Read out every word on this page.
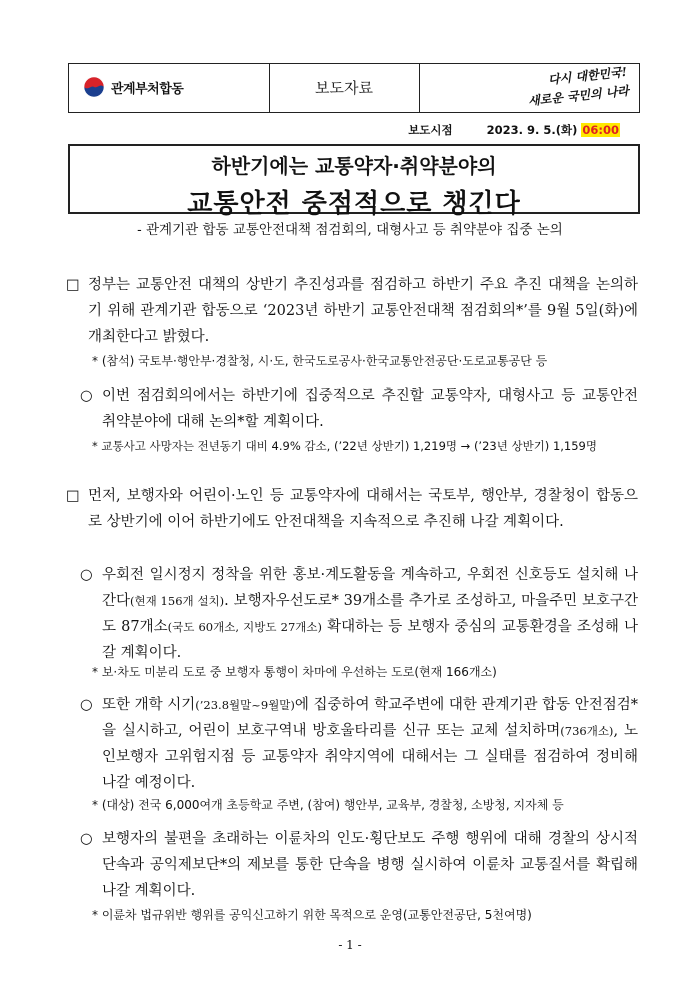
관계부처합동	보도자료
다시 대한민국!
새로운 국민의 나라
보도시점	2023. 9. 5.(화) 06:00
하반기에는 교통약자·취약분야의
교통안전 중점적으로 챙긴다
- 관계기관 합동 교통안전대책 점검회의, 대형사고 등 취약분야 집중 논의
□ 정부는 교통안전 대책의 상반기 추진성과를 점검하고 하반기 주요 추진 대책을 논의하기 위해 관계기관 합동으로 ‘2023년 하반기 교통안전대책 점검회의*’를 9월 5일(화)에 개최한다고 밝혔다.
* (참석) 국토부·행안부·경찰청, 시·도, 한국도로공사·한국교통안전공단·도로교통공단 등
○ 이번 점검회의에서는 하반기에 집중적으로 추진할 교통약자, 대형사고 등 교통안전 취약분야에 대해 논의*할 계획이다.
* 교통사고 사망자는 전년동기 대비 4.9% 감소, (’22년 상반기) 1,219명 → (’23년 상반기) 1,159명
□ 먼저, 보행자와 어린이·노인 등 교통약자에 대해서는 국토부, 행안부, 경찰청이 합동으로 상반기에 이어 하반기에도 안전대책을 지속적으로 추진해 나갈 계획이다.
○ 우회전 일시정지 정착을 위한 홍보·계도활동을 계속하고, 우회전 신호등도 설치해 나간다(현재 156개 설치). 보행자우선도로* 39개소를 추가로 조성하고, 마을주민 보호구간도 87개소(국도 60개소, 지방도 27개소) 확대하는 등 보행자 중심의 교통환경을 조성해 나갈 계획이다.
* 보·차도 미분리 도로 중 보행자 통행이 차마에 우선하는 도로(현재 166개소)
○ 또한 개학 시기(’23.8월말~9월말)에 집중하여 학교주변에 대한 관계기관 합동 안전점검*을 실시하고, 어린이 보호구역내 방호울타리를 신규 또는 교체 설치하며(736개소), 노인보행자 고위험지점 등 교통약자 취약지역에 대해서는 그 실태를 점검하여 정비해 나갈 예정이다.
* (대상) 전국 6,000여개 초등학교 주변, (참여) 행안부, 교육부, 경찰청, 소방청, 지자체 등
○ 보행자의 불편을 초래하는 이륜차의 인도·횡단보도 주행 행위에 대해 경찰의 상시적 단속과 공익제보단*의 제보를 통한 단속을 병행 실시하여 이륜차 교통질서를 확립해 나갈 계획이다.
* 이륜차 법규위반 행위를 공익신고하기 위한 목적으로 운영(교통안전공단, 5천여명)
- 1 -
